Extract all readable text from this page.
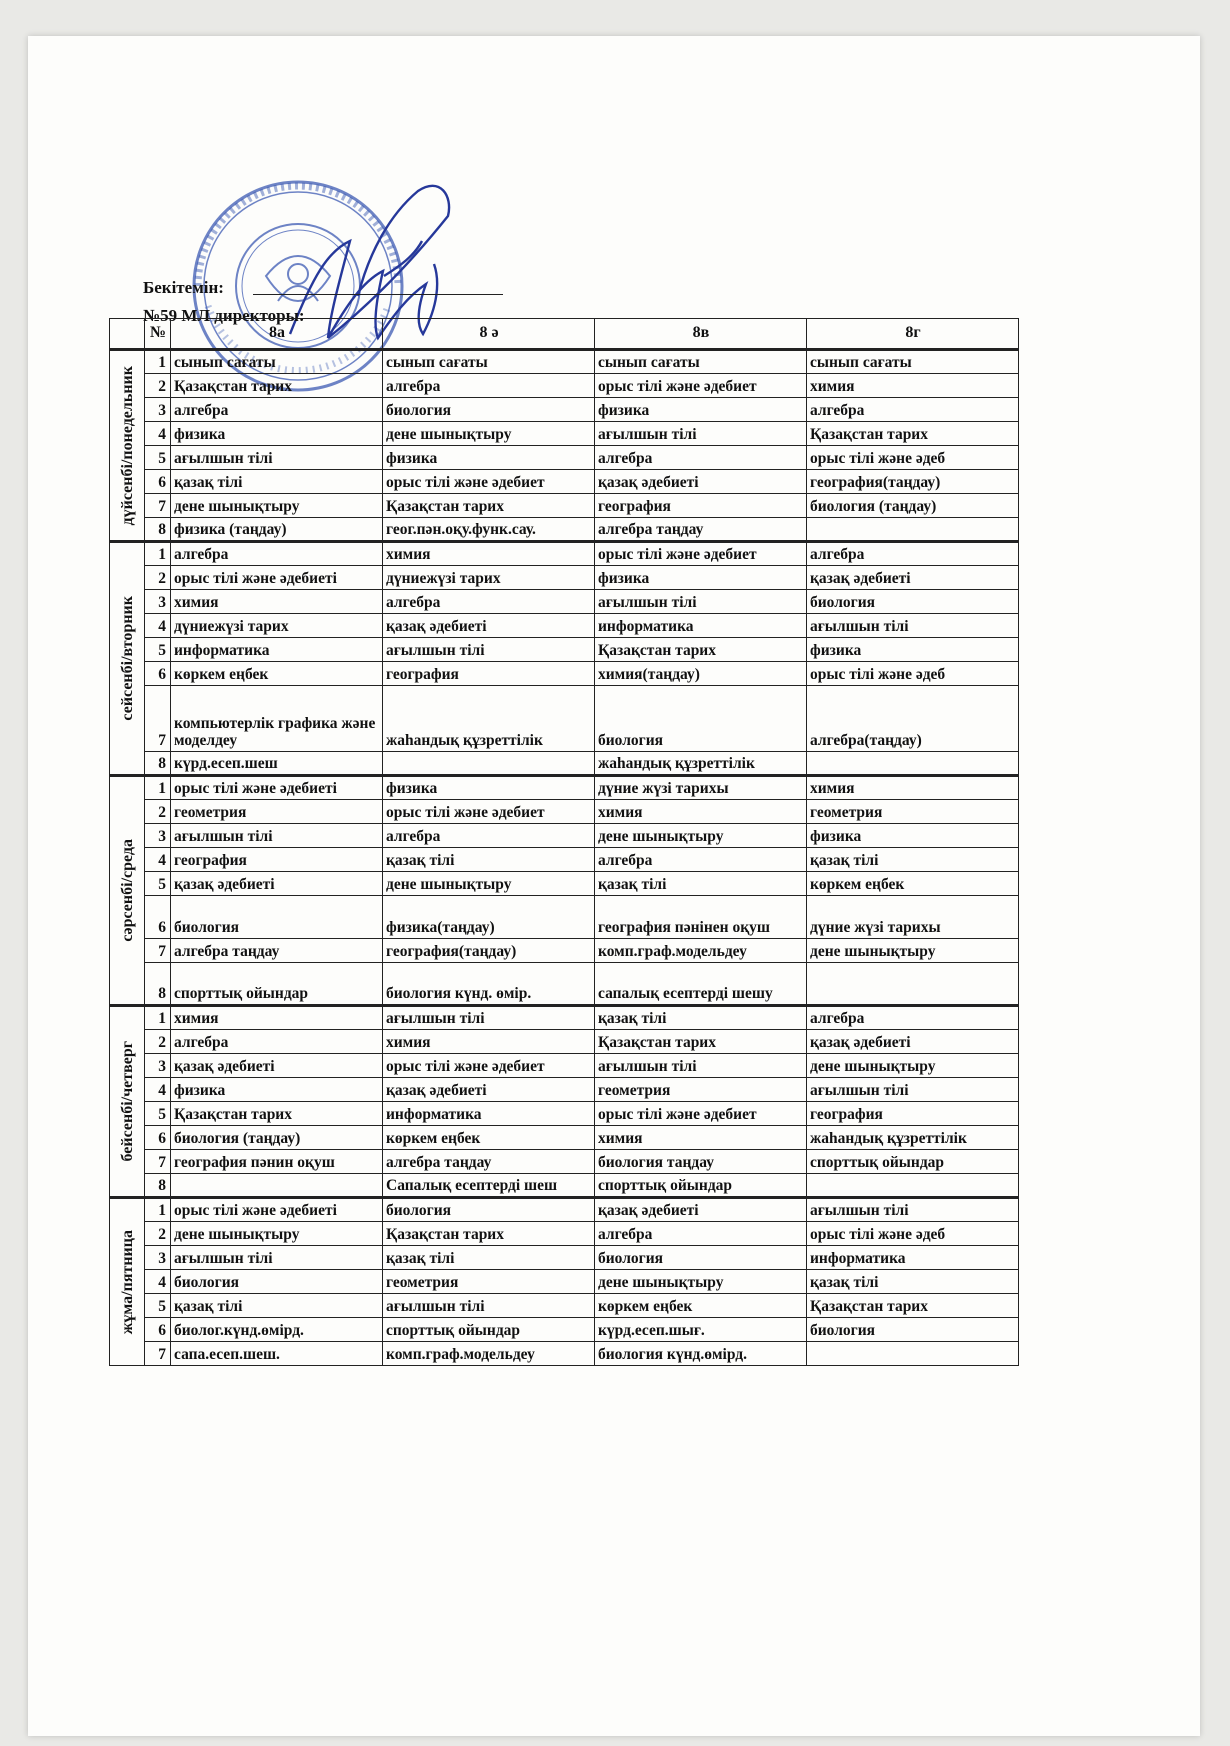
Бекітемін:
№59 МЛ директоры:
	№	8а	8 ә	8в	8г

дүйсенбі/понедельник	1	сынып сағаты	сынып сағаты	сынып сағаты	сынып сағаты
	2	Қазақстан тарих	алгебра	орыс тілі және әдебиет	химия
	3	алгебра	биология	физика	алгебра
	4	физика	дене шынықтыру	ағылшын тілі	Қазақстан тарих
	5	ағылшын тілі	физика	алгебра	орыс тілі және әдеб
	6	қазақ тілі	орыс тілі және әдебиет	қазақ әдебиеті	география(таңдау)
	7	дене шынықтыру	Қазақстан тарих	география	биология (таңдау)
	8	физика (таңдау)	геог.пән.оқу.функ.сау.	алгебра таңдау	

сейсенбі/вторник	1	алгебра	химия	орыс тілі және әдебиет	алгебра
	2	орыс тілі және әдебиеті	дүниежүзі тарих	физика	қазақ әдебиеті
	3	химия	алгебра	ағылшын тілі	биология
	4	дүниежүзі тарих	қазақ әдебиеті	информатика	ағылшын тілі
	5	информатика	ағылшын тілі	Қазақстан тарих	физика
	6	көркем еңбек	география	химия(таңдау)	орыс тілі және әдеб
	7	компьютерлік графика және моделдеу	жаһандық құзреттілік	биология	алгебра(таңдау)
	8	күрд.есеп.шеш		жаһандық құзреттілік	

сәрсенбі/среда	1	орыс тілі және әдебиеті	физика	дүние жүзі тарихы	химия
	2	геометрия	орыс тілі және әдебиет	химия	геометрия
	3	ағылшын тілі	алгебра	дене шынықтыру	физика
	4	география	қазақ тілі	алгебра	қазақ тілі
	5	қазақ әдебиеті	дене шынықтыру	қазақ тілі	көркем еңбек
	6	биология	физика(таңдау)	география пәнінен оқуш	дүние жүзі тарихы
	7	алгебра таңдау	география(таңдау)	комп.граф.модельдеу	дене шынықтыру
	8	спорттық ойындар	биология күнд. өмір.	сапалық есептерді шешу	

бейсенбі/четверг	1	химия	ағылшын тілі	қазақ тілі	алгебра
	2	алгебра	химия	Қазақстан тарих	қазақ әдебиеті
	3	қазақ әдебиеті	орыс тілі және әдебиет	ағылшын тілі	дене шынықтыру
	4	физика	қазақ әдебиеті	геометрия	ағылшын тілі
	5	Қазақстан тарих	информатика	орыс тілі және әдебиет	география
	6	биология (таңдау)	көркем еңбек	химия	жаһандық құзреттілік
	7	география пәнин оқуш	алгебра таңдау	биология таңдау	спорттық ойындар
	8		Сапалық есептерді шеш	спорттық ойындар	

жұма/пятница	1	орыс тілі және әдебиеті	биология	қазақ әдебиеті	ағылшын тілі
	2	дене шынықтыру	Қазақстан тарих	алгебра	орыс тілі және әдеб
	3	ағылшын тілі	қазақ тілі	биология	информатика
	4	биология	геометрия	дене шынықтыру	қазақ тілі
	5	қазақ тілі	ағылшын тілі	көркем еңбек	Қазақстан тарих
	6	биолог.күнд.өмірд.	спорттық ойындар	күрд.есеп.шығ.	биология
	7	сапа.есеп.шеш.	комп.граф.модельдеу	биология күнд.өмірд.	
